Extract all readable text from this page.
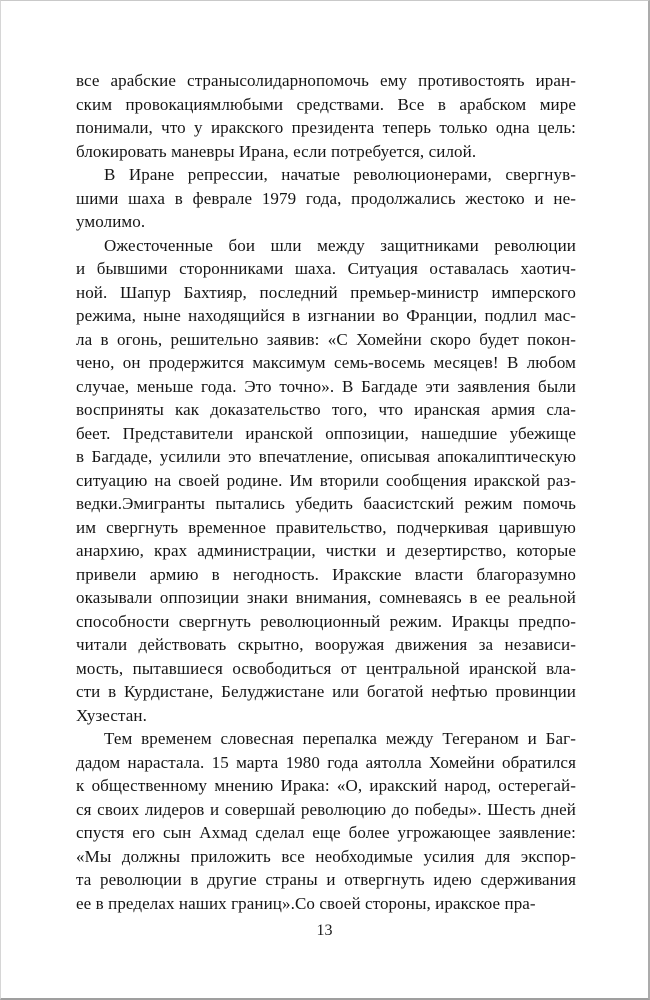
все арабские странысолидарнопомочь ему противостоять иран-
ским провокациямлюбыми средствами. Все в арабском мире
понимали, что у иракского президента теперь только одна цель:
блокировать маневры Ирана, если потребуется, силой.

В Иране репрессии, начатые революционерами, свергнув-
шими шаха в феврале 1979 года, продолжались жестоко и не-
умолимо.

Ожесточенные бои шли между защитниками революции
и бывшими сторонниками шаха. Ситуация оставалась хаотич-
ной. Шапур Бахтияр, последний премьер-министр имперского
режима, ныне находящийся в изгнании во Франции, подлил мас-
ла в огонь, решительно заявив: «С Хомейни скоро будет покон-
чено, он продержится максимум семь-восемь месяцев! В любом
случае, меньше года. Это точно». В Багдаде эти заявления были
восприняты как доказательство того, что иранская армия сла-
беет. Представители иранской оппозиции, нашедшие убежище
в Багдаде, усилили это впечатление, описывая апокалиптическую
ситуацию на своей родине. Им вторили сообщения иракской раз-
ведки.Эмигранты пытались убедить баасистский режим помочь
им свергнуть временное правительство, подчеркивая царившую
анархию, крах администрации, чистки и дезертирство, которые
привели армию в негодность. Иракские власти благоразумно
оказывали оппозиции знаки внимания, сомневаясь в ее реальной
способности свергнуть революционный режим. Иракцы предпо-
читали действовать скрытно, вооружая движения за независи-
мость, пытавшиеся освободиться от центральной иранской вла-
сти в Курдистане, Белуджистане или богатой нефтью провинции
Хузестан.

Тем временем словесная перепалка между Тегераном и Баг-
дадом нарастала. 15 марта 1980 года аятолла Хомейни обратился
к общественному мнению Ирака: «О, иракский народ, остерегай-
ся своих лидеров и совершай революцию до победы». Шесть дней
спустя его сын Ахмад сделал еще более угрожающее заявление:
«Мы должны приложить все необходимые усилия для экспор-
та революции в другие страны и отвергнуть идею сдерживания
ее в пределах наших границ».Со своей стороны, иракское пра-

13
